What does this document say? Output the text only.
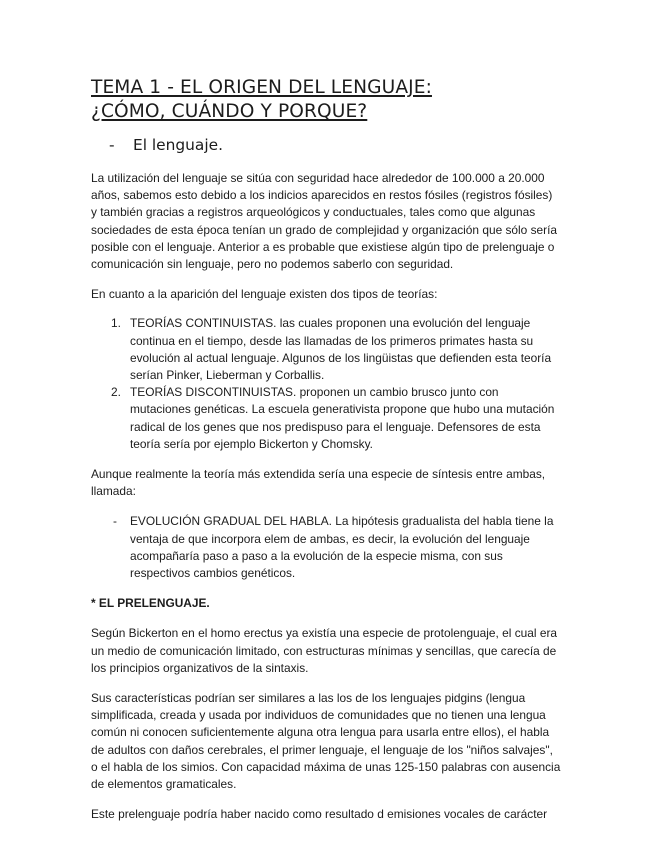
TEMA 1 - EL ORIGEN DEL LENGUAJE:
¿CÓMO, CUÁNDO Y PORQUE?
- El lenguaje.

La utilización del lenguaje se sitúa con seguridad hace alrededor de 100.000 a 20.000 años, sabemos esto debido a los indicios aparecidos en restos fósiles (registros fósiles) y también gracias a registros arqueológicos y conductuales, tales como que algunas sociedades de esta época tenían un grado de complejidad y organización que sólo sería posible con el lenguaje. Anterior a es probable que existiese algún tipo de prelenguaje o comunicación sin lenguaje, pero no podemos saberlo con seguridad.

En cuanto a la aparición del lenguaje existen dos tipos de teorías:

1. TEORÍAS CONTINUISTAS. las cuales proponen una evolución del lenguaje continua en el tiempo, desde las llamadas de los primeros primates hasta su evolución al actual lenguaje. Algunos de los lingüistas que defienden esta teoría serían Pinker, Lieberman y Corballis.
2. TEORÍAS DISCONTINUISTAS. proponen un cambio brusco junto con mutaciones genéticas. La escuela generativista propone que hubo una mutación radical de los genes que nos predispuso para el lenguaje. Defensores de esta teoría sería por ejemplo Bickerton y Chomsky.

Aunque realmente la teoría más extendida sería una especie de síntesis entre ambas, llamada:

- EVOLUCIÓN GRADUAL DEL HABLA. La hipótesis gradualista del habla tiene la ventaja de que incorpora elem de ambas, es decir, la evolución del lenguaje acompañaría paso a paso a la evolución de la especie misma, con sus respectivos cambios genéticos.

* EL PRELENGUAJE.

Según Bickerton en el homo erectus ya existía una especie de protolenguaje, el cual era un medio de comunicación limitado, con estructuras mínimas y sencillas, que carecía de los principios organizativos de la sintaxis.

Sus características podrían ser similares a las los de los lenguajes pidgins (lengua simplificada, creada y usada por individuos de comunidades que no tienen una lengua común ni conocen suficientemente alguna otra lengua para usarla entre ellos), el habla de adultos con daños cerebrales, el primer lenguaje, el lenguaje de los "niños salvajes", o el habla de los simios. Con capacidad máxima de unas 125-150 palabras con ausencia de elementos gramaticales.

Este prelenguaje podría haber nacido como resultado d emisiones vocales de carácter
